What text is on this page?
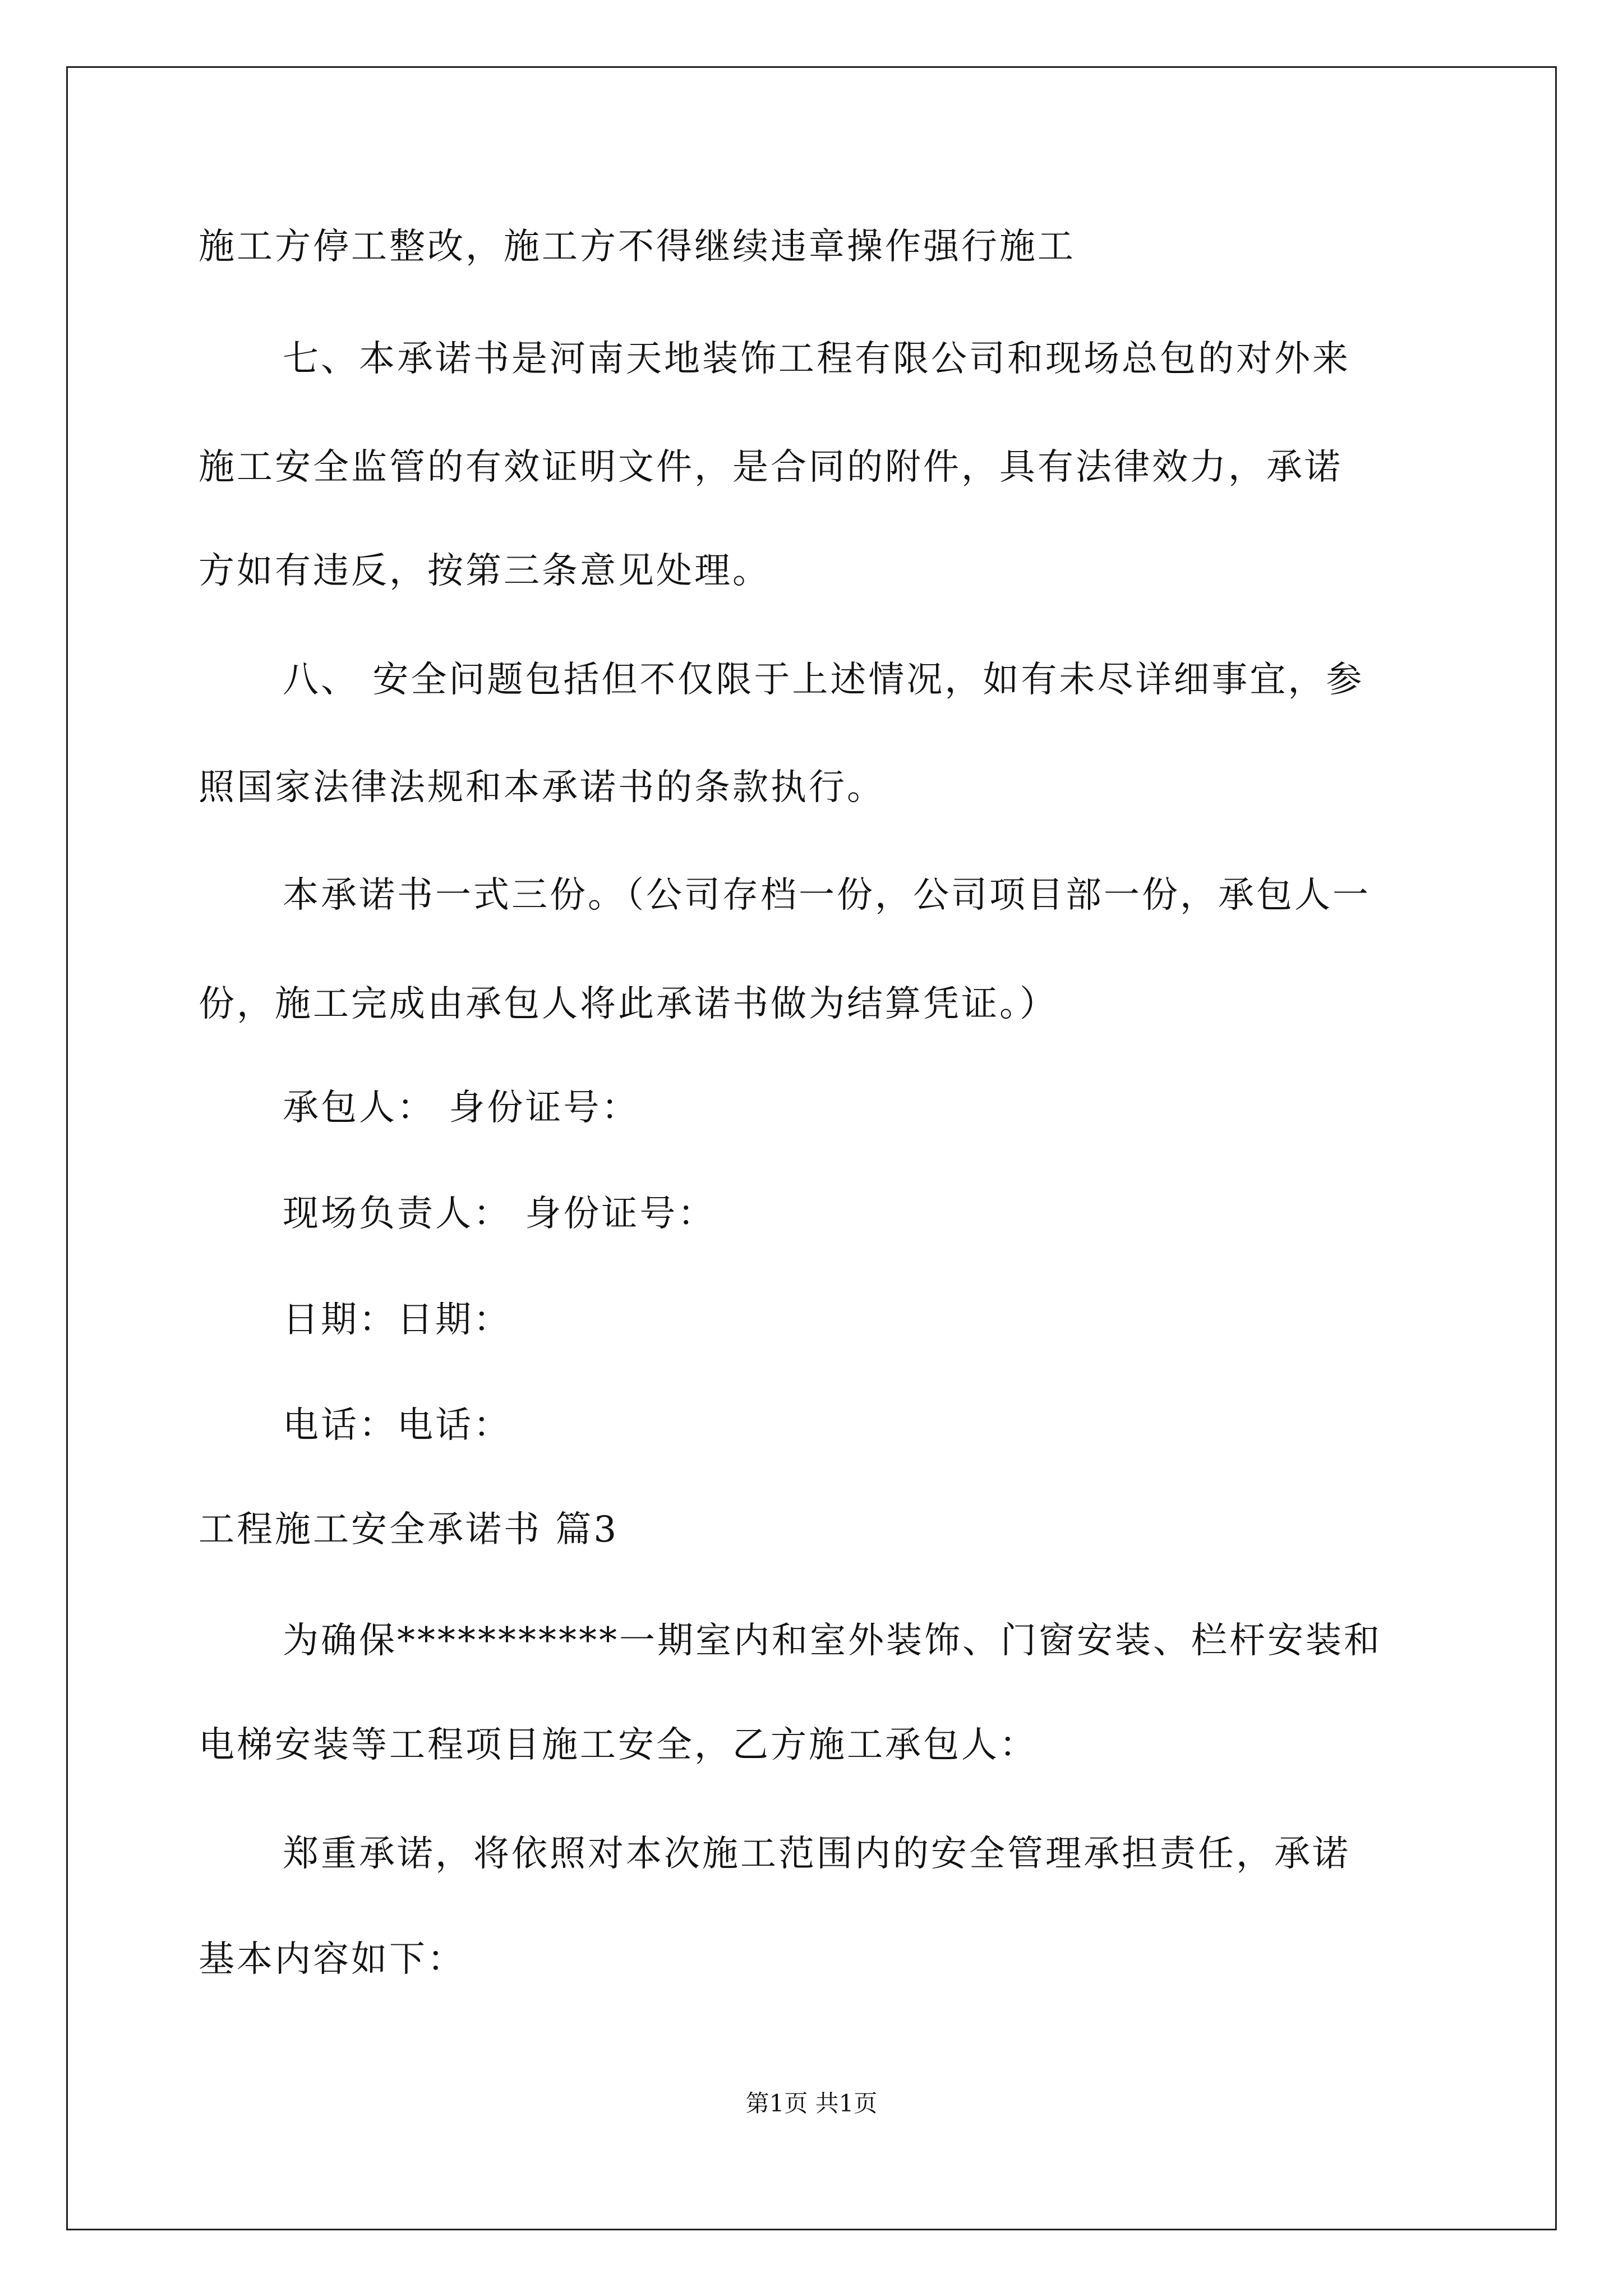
施工方停工整改，施工方不得继续违章操作强行施工
七、本承诺书是河南天地装饰工程有限公司和现场总包的对外来
施工安全监管的有效证明文件，是合同的附件，具有法律效力，承诺
方如有违反，按第三条意见处理。
八、 安全问题包括但不仅限于上述情况，如有未尽详细事宜，参
照国家法律法规和本承诺书的条款执行。
本承诺书一式三份。（公司存档一份，公司项目部一份，承包人一
份，施工完成由承包人将此承诺书做为结算凭证。）
承包人： 身份证号：
现场负责人： 身份证号：
日期：日期：
电话：电话：
工程施工安全承诺书 篇3
为确保***********一期室内和室外装饰、门窗安装、栏杆安装和
电梯安装等工程项目施工安全，乙方施工承包人：
郑重承诺，将依照对本次施工范围内的安全管理承担责任，承诺
基本内容如下：
第1页 共1页
